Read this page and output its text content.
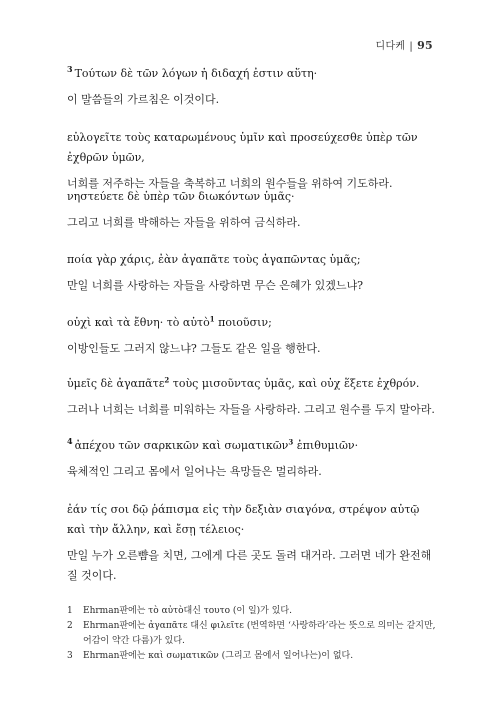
디다케 | 95
$^3$ Τούτων δὲ τῶν λόγων ἡ διδαχή ἐστιν αὕτη·
이 말씀들의 가르침은 이것이다.
εὐλογεῖτε τοὺς καταρωμένους ὑμῖν καὶ προσεύχεσθε ὑπὲρ τῶν ἐχθρῶν ὑμῶν,
너희를 저주하는 자들을 축복하고 너희의 원수들을 위하여 기도하라.
νηστεύετε δὲ ὑπὲρ τῶν διωκόντων ὑμᾶς·
그리고 너희를 박해하는 자들을 위하여 금식하라.
ποία γὰρ χάρις, ἐὰν ἀγαπᾶτε τοὺς ἀγαπῶντας ὑμᾶς;
만일 너희를 사랑하는 자들을 사랑하면 무슨 은혜가 있겠느냐?
οὐχὶ καὶ τὰ ἔθνη· τὸ αὐτὸ$^1$ ποιοῦσιν;
이방인들도 그러지 않느냐? 그들도 같은 일을 행한다.
ὑμεῖς δὲ ἀγαπᾶτε$^2$ τοὺς μισοῦντας ὑμᾶς, καὶ οὐχ ἕξετε ἐχθρόν.
그러나 너희는 너희를 미워하는 자들을 사랑하라. 그리고 원수를 두지 말아라.
$^4$ ἀπέχου τῶν σαρκικῶν καὶ σωματικῶν$^3$ ἐπιθυμιῶν·
육체적인 그리고 몸에서 일어나는 욕망들은 멀리하라.
ἐάν τίς σοι δῷ ῥάπισμα εἰς τὴν δεξιὰν σιαγόνα, στρέψον αὐτῷ καὶ τὴν ἄλλην, καὶ ἔσῃ τέλειος·
만일 누가 오른뺨을 치면, 그에게 다른 곳도 돌려 대거라. 그러면 네가 완전해질 것이다.
1	Ehrman판에는 τὸ αὐτὸ대신 τουτο (이 일)가 있다.
2	Ehrman판에는 ἀγαπᾶτε 대신 φιλεῖτε (번역하면 ‘사랑하라’라는 뜻으로 의미는 같지만, 어감이 약간 다름)가 있다.
3	Ehrman판에는 καὶ σωματικῶν (그리고 몸에서 일어나는)이 없다.
